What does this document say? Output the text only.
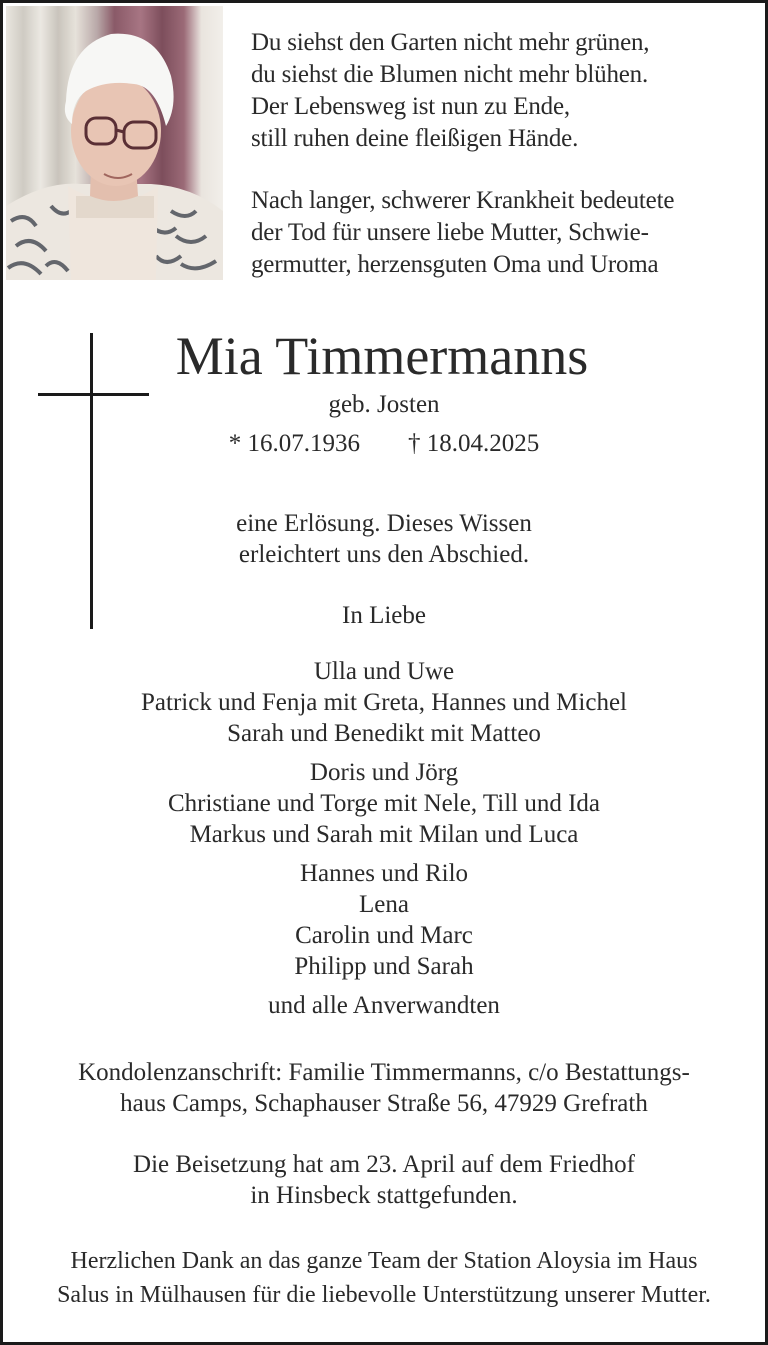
Du siehst den Garten nicht mehr grünen,
du siehst die Blumen nicht mehr blühen.
Der Lebensweg ist nun zu Ende,
still ruhen deine fleißigen Hände.
Nach langer, schwerer Krankheit bedeutete
der Tod für unsere liebe Mutter, Schwie-
germutter, herzensguten Oma und Uroma
Mia Timmermanns
geb. Josten
* 16.07.1936 † 18.04.2025
eine Erlösung. Dieses Wissen
erleichtert uns den Abschied.
In Liebe
Ulla und Uwe
Patrick und Fenja mit Greta, Hannes und Michel
Sarah und Benedikt mit Matteo
Doris und Jörg
Christiane und Torge mit Nele, Till und Ida
Markus und Sarah mit Milan und Luca
Hannes und Rilo
Lena
Carolin und Marc
Philipp und Sarah
und alle Anverwandten
Kondolenzanschrift: Familie Timmermanns, c/o Bestattungs-
haus Camps, Schaphauser Straße 56, 47929 Grefrath
Die Beisetzung hat am 23. April auf dem Friedhof
in Hinsbeck stattgefunden.
Herzlichen Dank an das ganze Team der Station Aloysia im Haus
Salus in Mülhausen für die liebevolle Unterstützung unserer Mutter.
